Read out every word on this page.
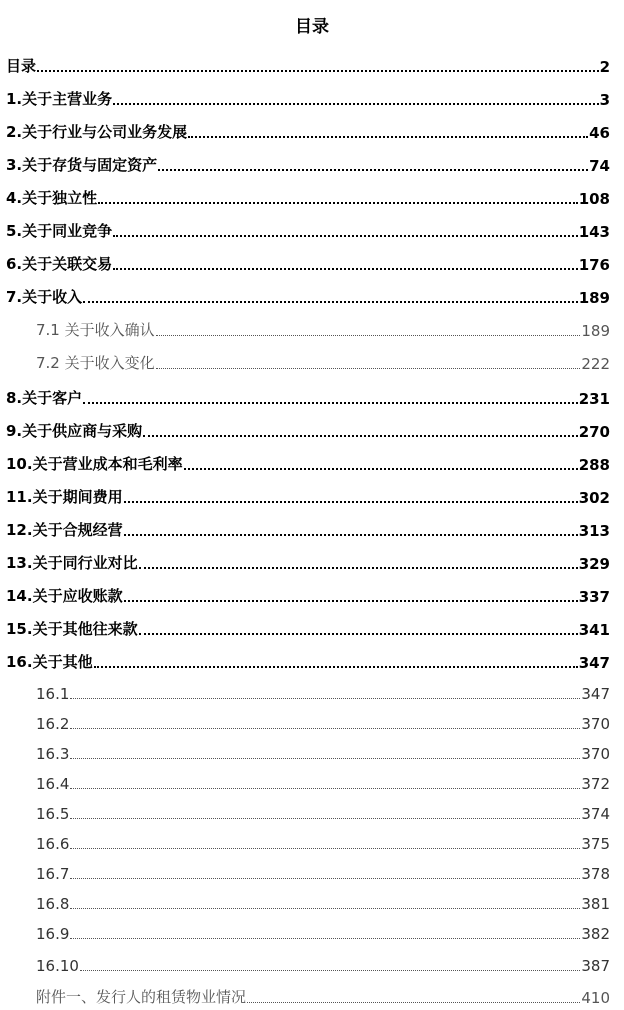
目录
目录	2
1.关于主营业务	3
2.关于行业与公司业务发展	46
3.关于存货与固定资产	74
4.关于独立性	108
5.关于同业竞争	143
6.关于关联交易	176
7.关于收入	189
7.1 关于收入确认	189
7.2 关于收入变化	222
8.关于客户	231
9.关于供应商与采购	270
10.关于营业成本和毛利率	288
11.关于期间费用	302
12.关于合规经营	313
13.关于同行业对比	329
14.关于应收账款	337
15.关于其他往来款	341
16.关于其他	347
16.1	347
16.2	370
16.3	370
16.4	372
16.5	374
16.6	375
16.7	378
16.8	381
16.9	382
16.10	387
附件一、发行人的租赁物业情况	410
